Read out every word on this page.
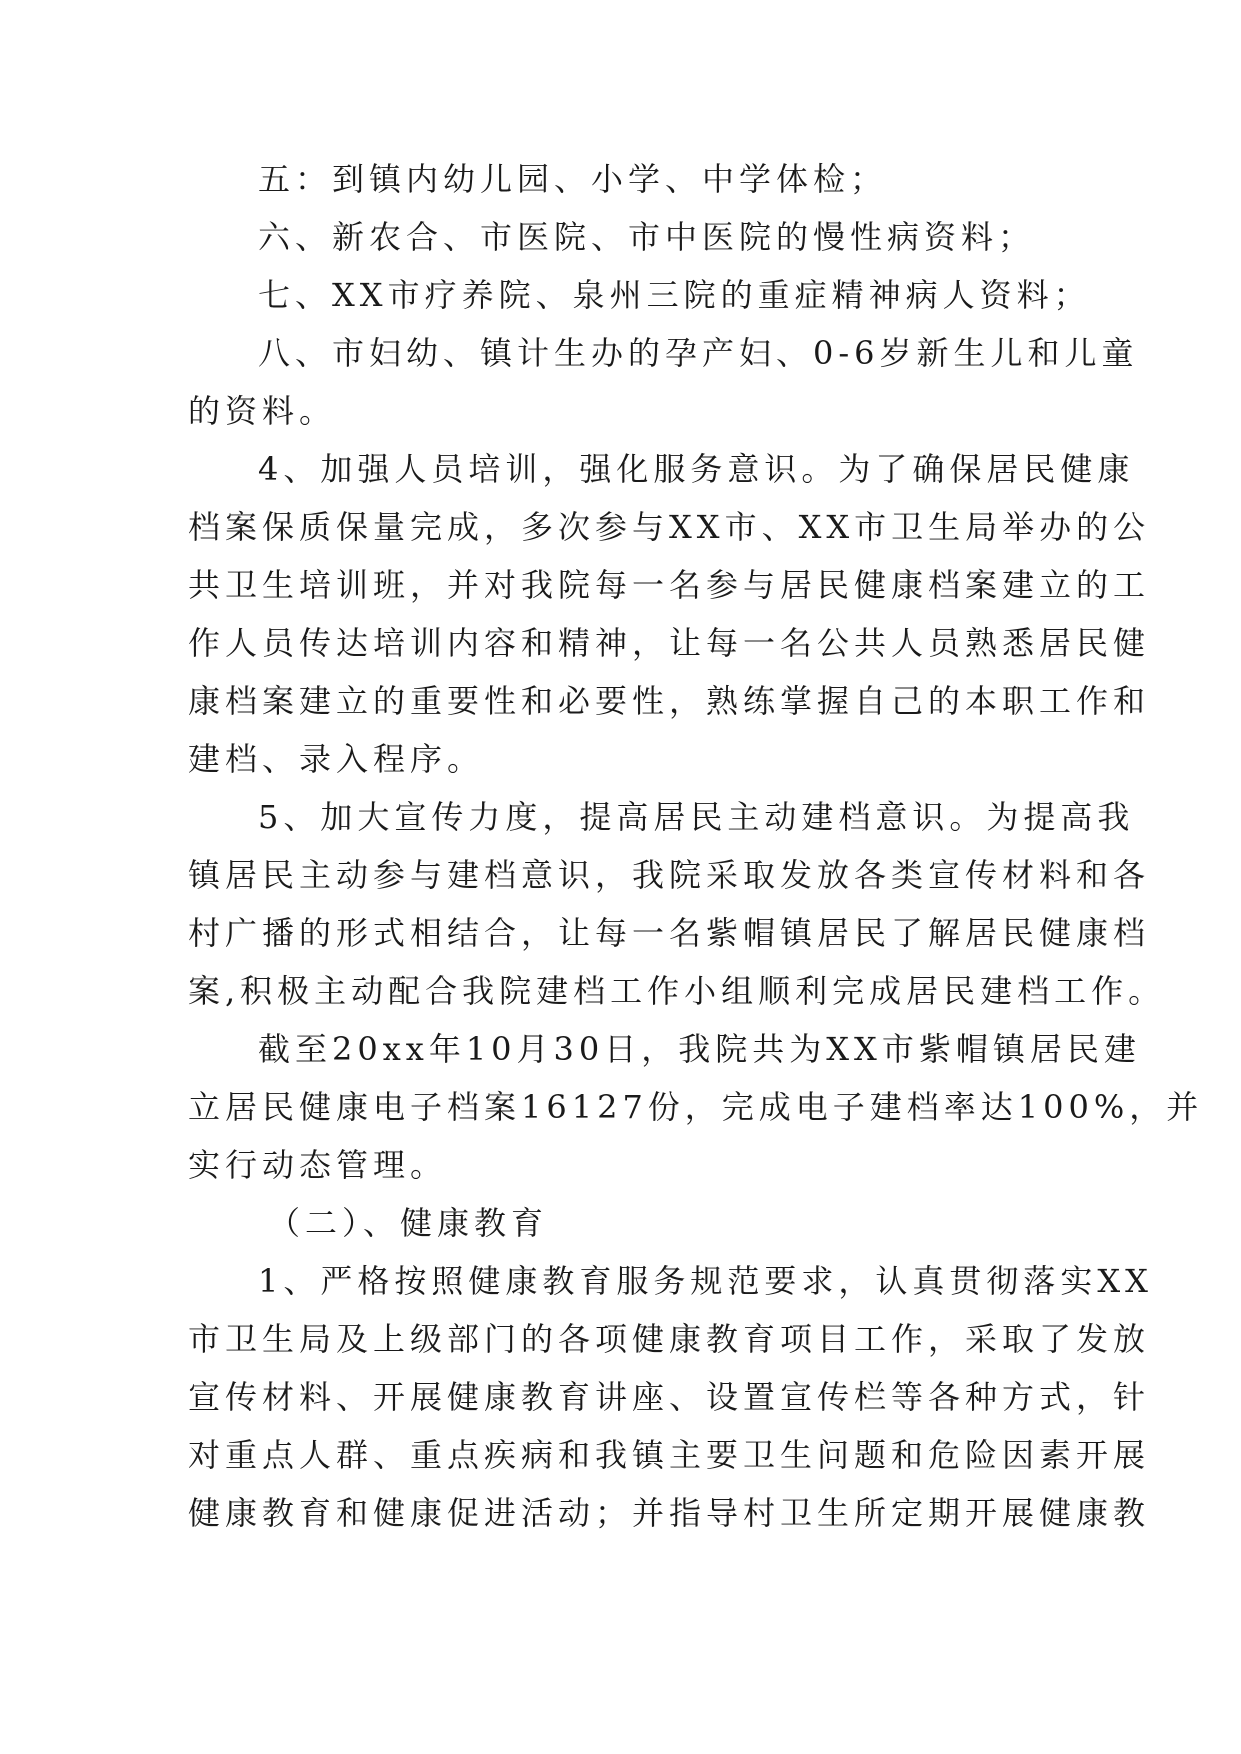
五：到镇内幼儿园、小学、中学体检；

六、新农合、市医院、市中医院的慢性病资料；

七、XX市疗养院、泉州三院的重症精神病人资料；

八、市妇幼、镇计生办的孕产妇、0-6岁新生儿和儿童

的资料。

4、加强人员培训，强化服务意识。为了确保居民健康

档案保质保量完成，多次参与XX市、XX市卫生局举办的公

共卫生培训班，并对我院每一名参与居民健康档案建立的工

作人员传达培训内容和精神，让每一名公共人员熟悉居民健

康档案建立的重要性和必要性，熟练掌握自己的本职工作和

建档、录入程序。

5、加大宣传力度，提高居民主动建档意识。为提高我

镇居民主动参与建档意识，我院采取发放各类宣传材料和各

村广播的形式相结合，让每一名紫帽镇居民了解居民健康档

案,积极主动配合我院建档工作小组顺利完成居民建档工作。

截至20xx年10月30日，我院共为XX市紫帽镇居民建

立居民健康电子档案16127份，完成电子建档率达100%，并

实行动态管理。

（二）、健康教育

1、严格按照健康教育服务规范要求，认真贯彻落实XX

市卫生局及上级部门的各项健康教育项目工作，采取了发放

宣传材料、开展健康教育讲座、设置宣传栏等各种方式，针

对重点人群、重点疾病和我镇主要卫生问题和危险因素开展

健康教育和健康促进活动；并指导村卫生所定期开展健康教
